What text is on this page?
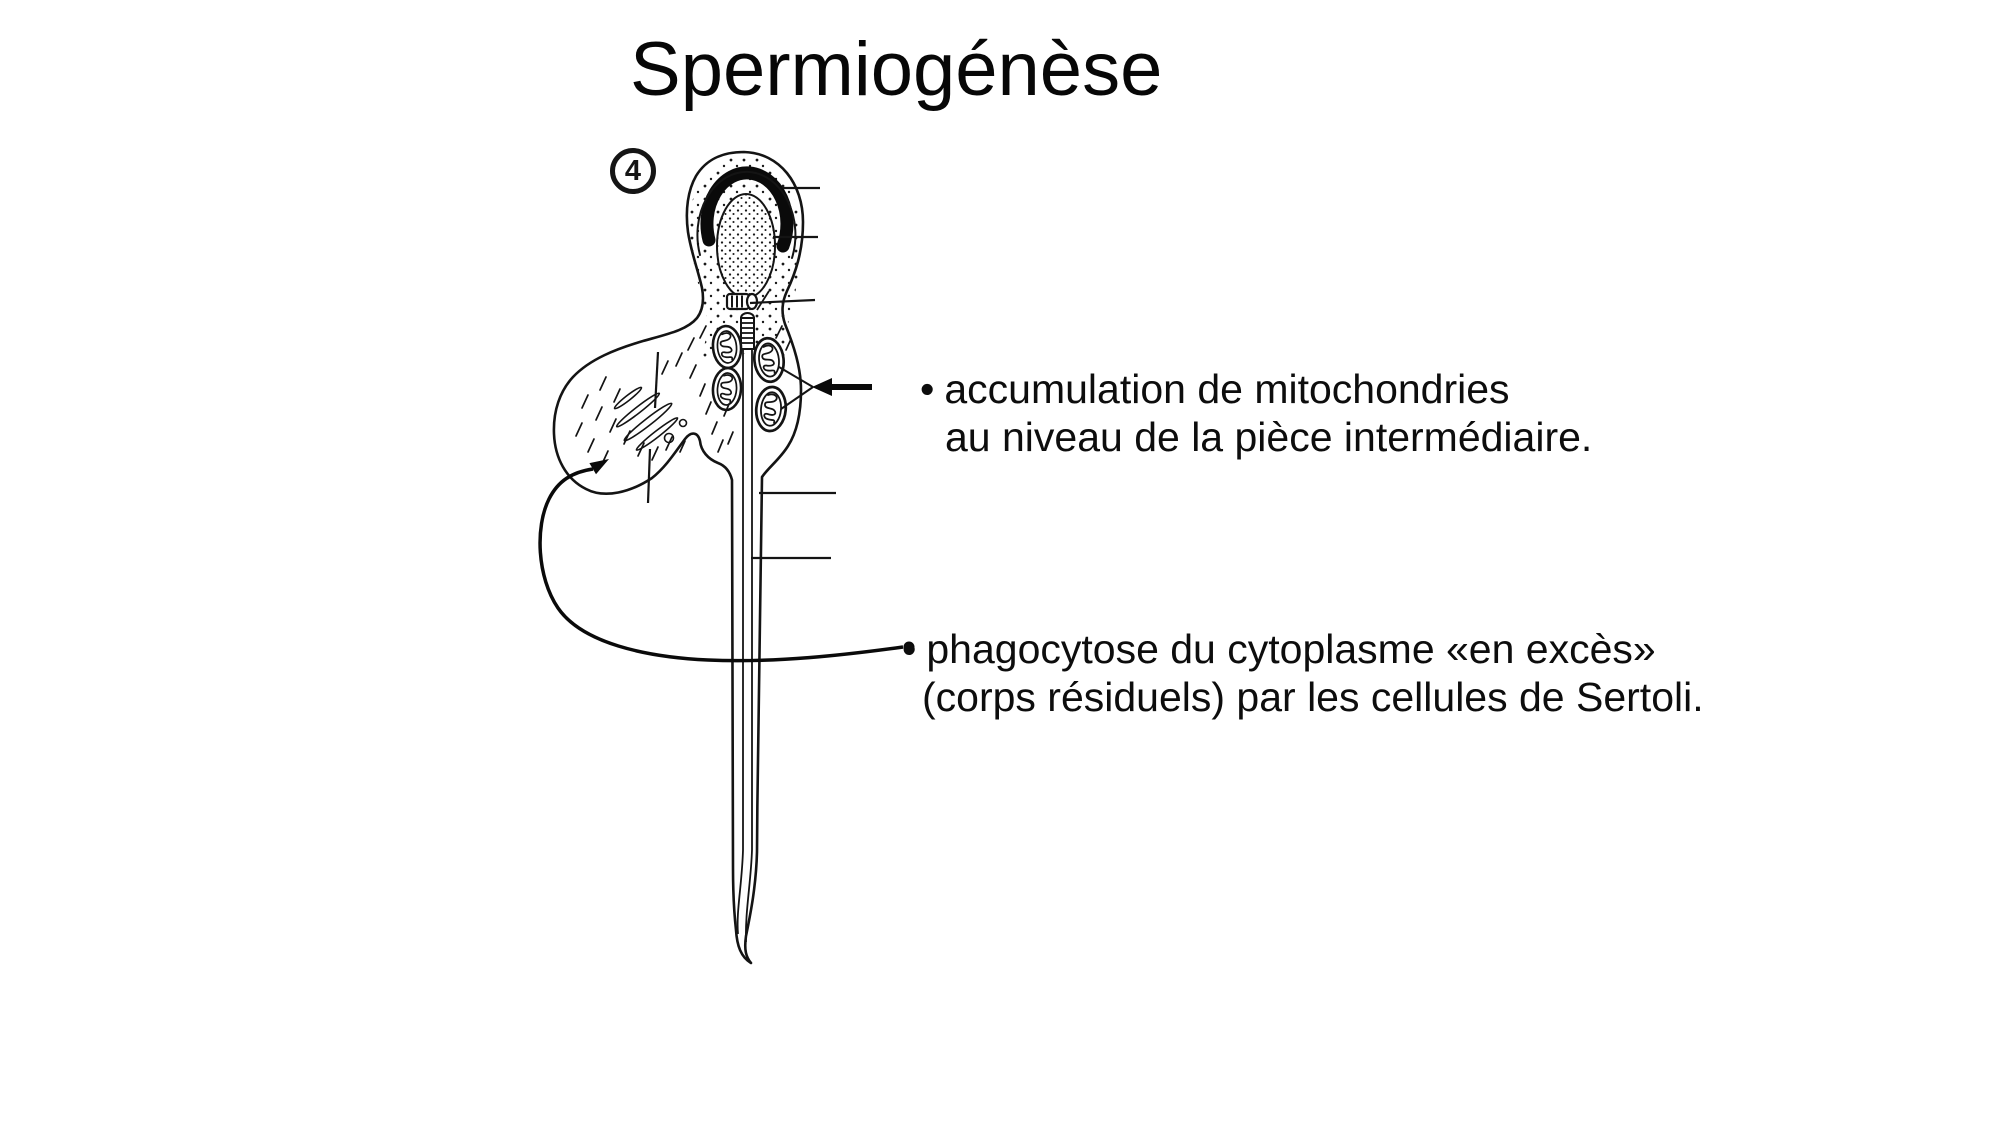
Spermiogénèse
4
• accumulation de mitochondries
au niveau de la pièce intermédiaire.
• phagocytose du cytoplasme «en excès»
(corps résiduels) par les cellules de Sertoli.
